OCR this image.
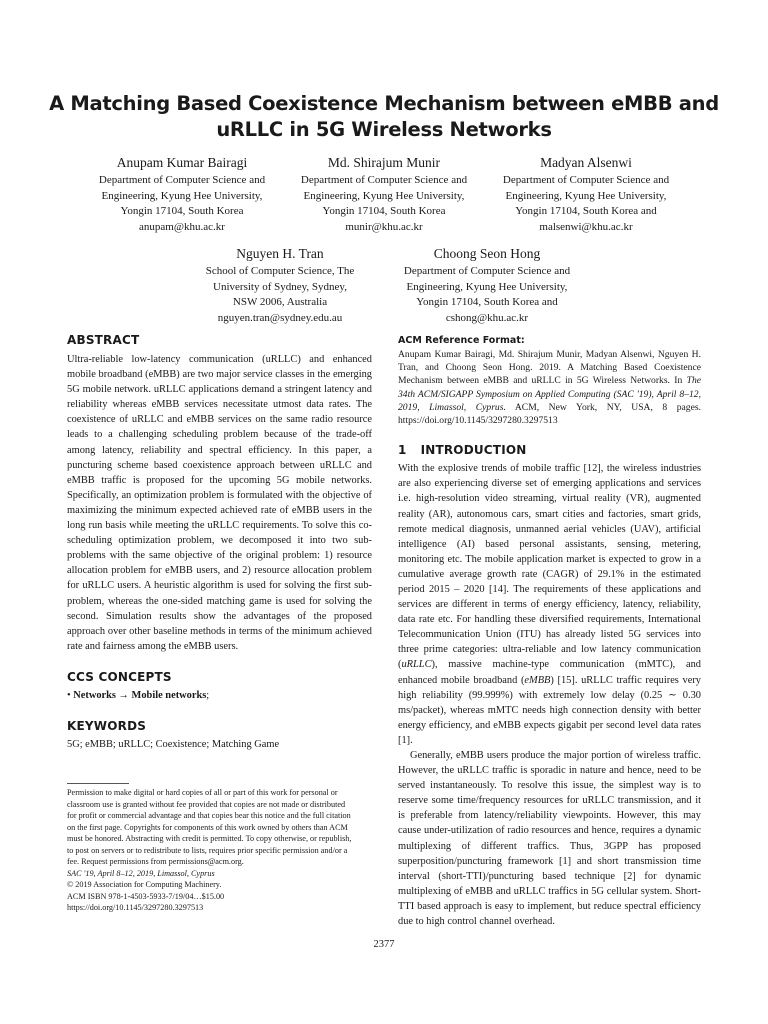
A Matching Based Coexistence Mechanism between eMBB and uRLLC in 5G Wireless Networks
Anupam Kumar Bairagi
Department of Computer Science and
Engineering, Kyung Hee University,
Yongin 17104, South Korea
anupam@khu.ac.kr
Md. Shirajum Munir
Department of Computer Science and
Engineering, Kyung Hee University,
Yongin 17104, South Korea
munir@khu.ac.kr
Madyan Alsenwi
Department of Computer Science and
Engineering, Kyung Hee University,
Yongin 17104, South Korea and
malsenwi@khu.ac.kr
Nguyen H. Tran
School of Computer Science, The
University of Sydney, Sydney,
NSW 2006, Australia
nguyen.tran@sydney.edu.au
Choong Seon Hong
Department of Computer Science and
Engineering, Kyung Hee University,
Yongin 17104, South Korea and
cshong@khu.ac.kr
ABSTRACT

Ultra-reliable low-latency communication (uRLLC) and enhanced mobile broadband (eMBB) are two major service classes in the emerging 5G mobile network. uRLLC applications demand a stringent latency and reliability whereas eMBB services necessitate utmost data rates. The coexistence of uRLLC and eMBB services on the same radio resource leads to a challenging scheduling problem because of the trade-off among latency, reliability and spectral efficiency. In this paper, a puncturing scheme based coexistence approach between uRLLC and eMBB traffic is proposed for the upcoming 5G mobile networks. Specifically, an optimization problem is formulated with the objective of maximizing the minimum expected achieved rate of eMBB users in the long run basis while meeting the uRLLC requirements. To solve this co-scheduling optimization problem, we decomposed it into two sub-problems with the same objective of the original problem: 1) resource allocation problem for eMBB users, and 2) resource allocation problem for uRLLC users. A heuristic algorithm is used for solving the first sub-problem, whereas the one-sided matching game is used for solving the second. Simulation results show the advantages of the proposed approach over other baseline methods in terms of the minimum achieved rate and fairness among the eMBB users.

CCS CONCEPTS

• Networks → Mobile networks;

KEYWORDS

5G; eMBB; uRLLC; Coexistence; Matching Game

Permission to make digital or hard copies of all or part of this work for personal or
classroom use is granted without fee provided that copies are not made or distributed
for profit or commercial advantage and that copies bear this notice and the full citation
on the first page. Copyrights for components of this work owned by others than ACM
must be honored. Abstracting with credit is permitted. To copy otherwise, or republish,
to post on servers or to redistribute to lists, requires prior specific permission and/or a
fee. Request permissions from permissions@acm.org.
SAC '19, April 8–12, 2019, Limassol, Cyprus
© 2019 Association for Computing Machinery.
ACM ISBN 978-1-4503-5933-7/19/04…$15.00
https://doi.org/10.1145/3297280.3297513
ACM Reference Format:

Anupam Kumar Bairagi, Md. Shirajum Munir, Madyan Alsenwi, Nguyen H. Tran, and Choong Seon Hong. 2019. A Matching Based Coexistence Mechanism between eMBB and uRLLC in 5G Wireless Networks. In The 34th ACM/SIGAPP Symposium on Applied Computing (SAC '19), April 8–12, 2019, Limassol, Cyprus. ACM, New York, NY, USA, 8 pages. https://doi.org/10.1145/3297280.3297513

1 INTRODUCTION

With the explosive trends of mobile traffic [12], the wireless industries are also experiencing diverse set of emerging applications and services i.e. high-resolution video streaming, virtual reality (VR), augmented reality (AR), autonomous cars, smart cities and factories, smart grids, remote medical diagnosis, unmanned aerial vehicles (UAV), artificial intelligence (AI) based personal assistants, sensing, metering, monitoring etc. The mobile application market is expected to grow in a cumulative average growth rate (CAGR) of 29.1% in the estimated period 2015 – 2020 [14]. The requirements of these applications and services are different in terms of energy efficiency, latency, reliability, data rate etc. For handling these diversified requirements, International Telecommunication Union (ITU) has already listed 5G services into three prime categories: ultra-reliable and low latency communication (uRLLC), massive machine-type communication (mMTC), and enhanced mobile broadband (eMBB) [15]. uRLLC traffic requires very high reliability (99.999%) with extremely low delay (0.25 ∼ 0.30 ms/packet), whereas mMTC needs high connection density with better energy efficiency, and eMBB expects gigabit per second level data rates [1].

Generally, eMBB users produce the major portion of wireless traffic. However, the uRLLC traffic is sporadic in nature and hence, need to be served instantaneously. To resolve this issue, the simplest way is to reserve some time/frequency resources for uRLLC transmission, and it is preferable from latency/reliability viewpoints. However, this may cause under-utilization of radio resources and hence, requires a dynamic multiplexing of different traffics. Thus, 3GPP has proposed superposition/puncturing framework [1] and short transmission time interval (short-TTI)/puncturing based technique [2] for dynamic multiplexing of eMBB and uRLLC traffics in 5G cellular system. Short-TTI based approach is easy to implement, but reduce spectral efficiency due to high control channel overhead.

2377
